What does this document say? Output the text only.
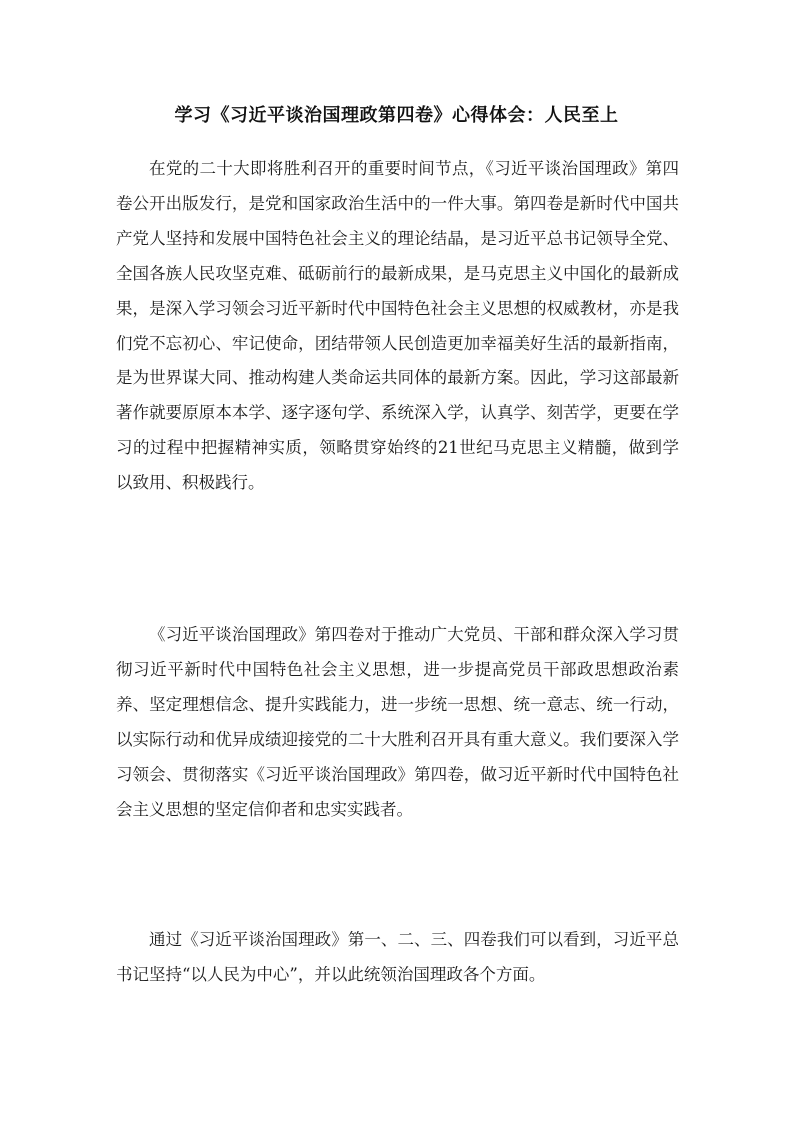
学习《习近平谈治国理政第四卷》心得体会：人民至上

在党的二十大即将胜利召开的重要时间节点，《习近平谈治国理政》第四卷公开出版发行，是党和国家政治生活中的一件大事。第四卷是新时代中国共产党人坚持和发展中国特色社会主义的理论结晶，是习近平总书记领导全党、全国各族人民攻坚克难、砥砺前行的最新成果，是马克思主义中国化的最新成果，是深入学习领会习近平新时代中国特色社会主义思想的权威教材，亦是我们党不忘初心、牢记使命，团结带领人民创造更加幸福美好生活的最新指南，是为世界谋大同、推动构建人类命运共同体的最新方案。因此，学习这部最新著作就要原原本本学、逐字逐句学、系统深入学，认真学、刻苦学，更要在学习的过程中把握精神实质，领略贯穿始终的21世纪马克思主义精髓，做到学以致用、积极践行。

《习近平谈治国理政》第四卷对于推动广大党员、干部和群众深入学习贯彻习近平新时代中国特色社会主义思想，进一步提高党员干部政思想政治素养、坚定理想信念、提升实践能力，进一步统一思想、统一意志、统一行动，以实际行动和优异成绩迎接党的二十大胜利召开具有重大意义。我们要深入学习领会、贯彻落实《习近平谈治国理政》第四卷，做习近平新时代中国特色社会主义思想的坚定信仰者和忠实实践者。

通过《习近平谈治国理政》第一、二、三、四卷我们可以看到，习近平总书记坚持“以人民为中心”，并以此统领治国理政各个方面。
